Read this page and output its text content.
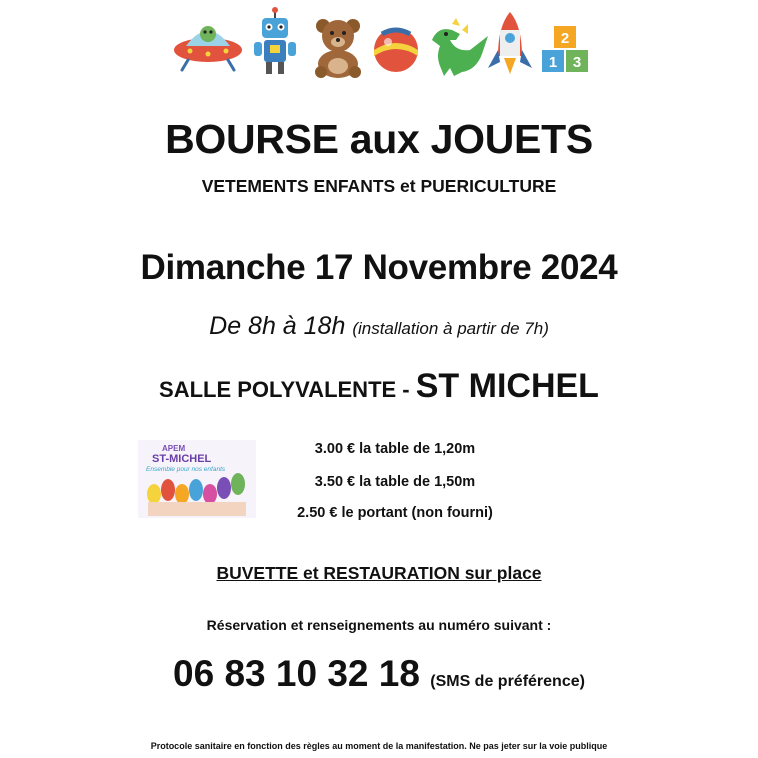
2
1 3
BOURSE aux JOUETS
VETEMENTS ENFANTS et PUERICULTURE
Dimanche 17 Novembre 2024
De 8h à 18h (installation à partir de 7h)
SALLE POLYVALENTE - ST MICHEL
APEM
ST-MICHEL
Ensemble pour nos enfants
3.00 € la table de 1,20m
3.50 € la table de 1,50m
2.50 € le portant (non fourni)
BUVETTE et RESTAURATION sur place
Réservation et renseignements au numéro suivant :
06 83 10 32 18 (SMS de préférence)
Protocole sanitaire en fonction des règles au moment de la manifestation. Ne pas jeter sur la voie publique
